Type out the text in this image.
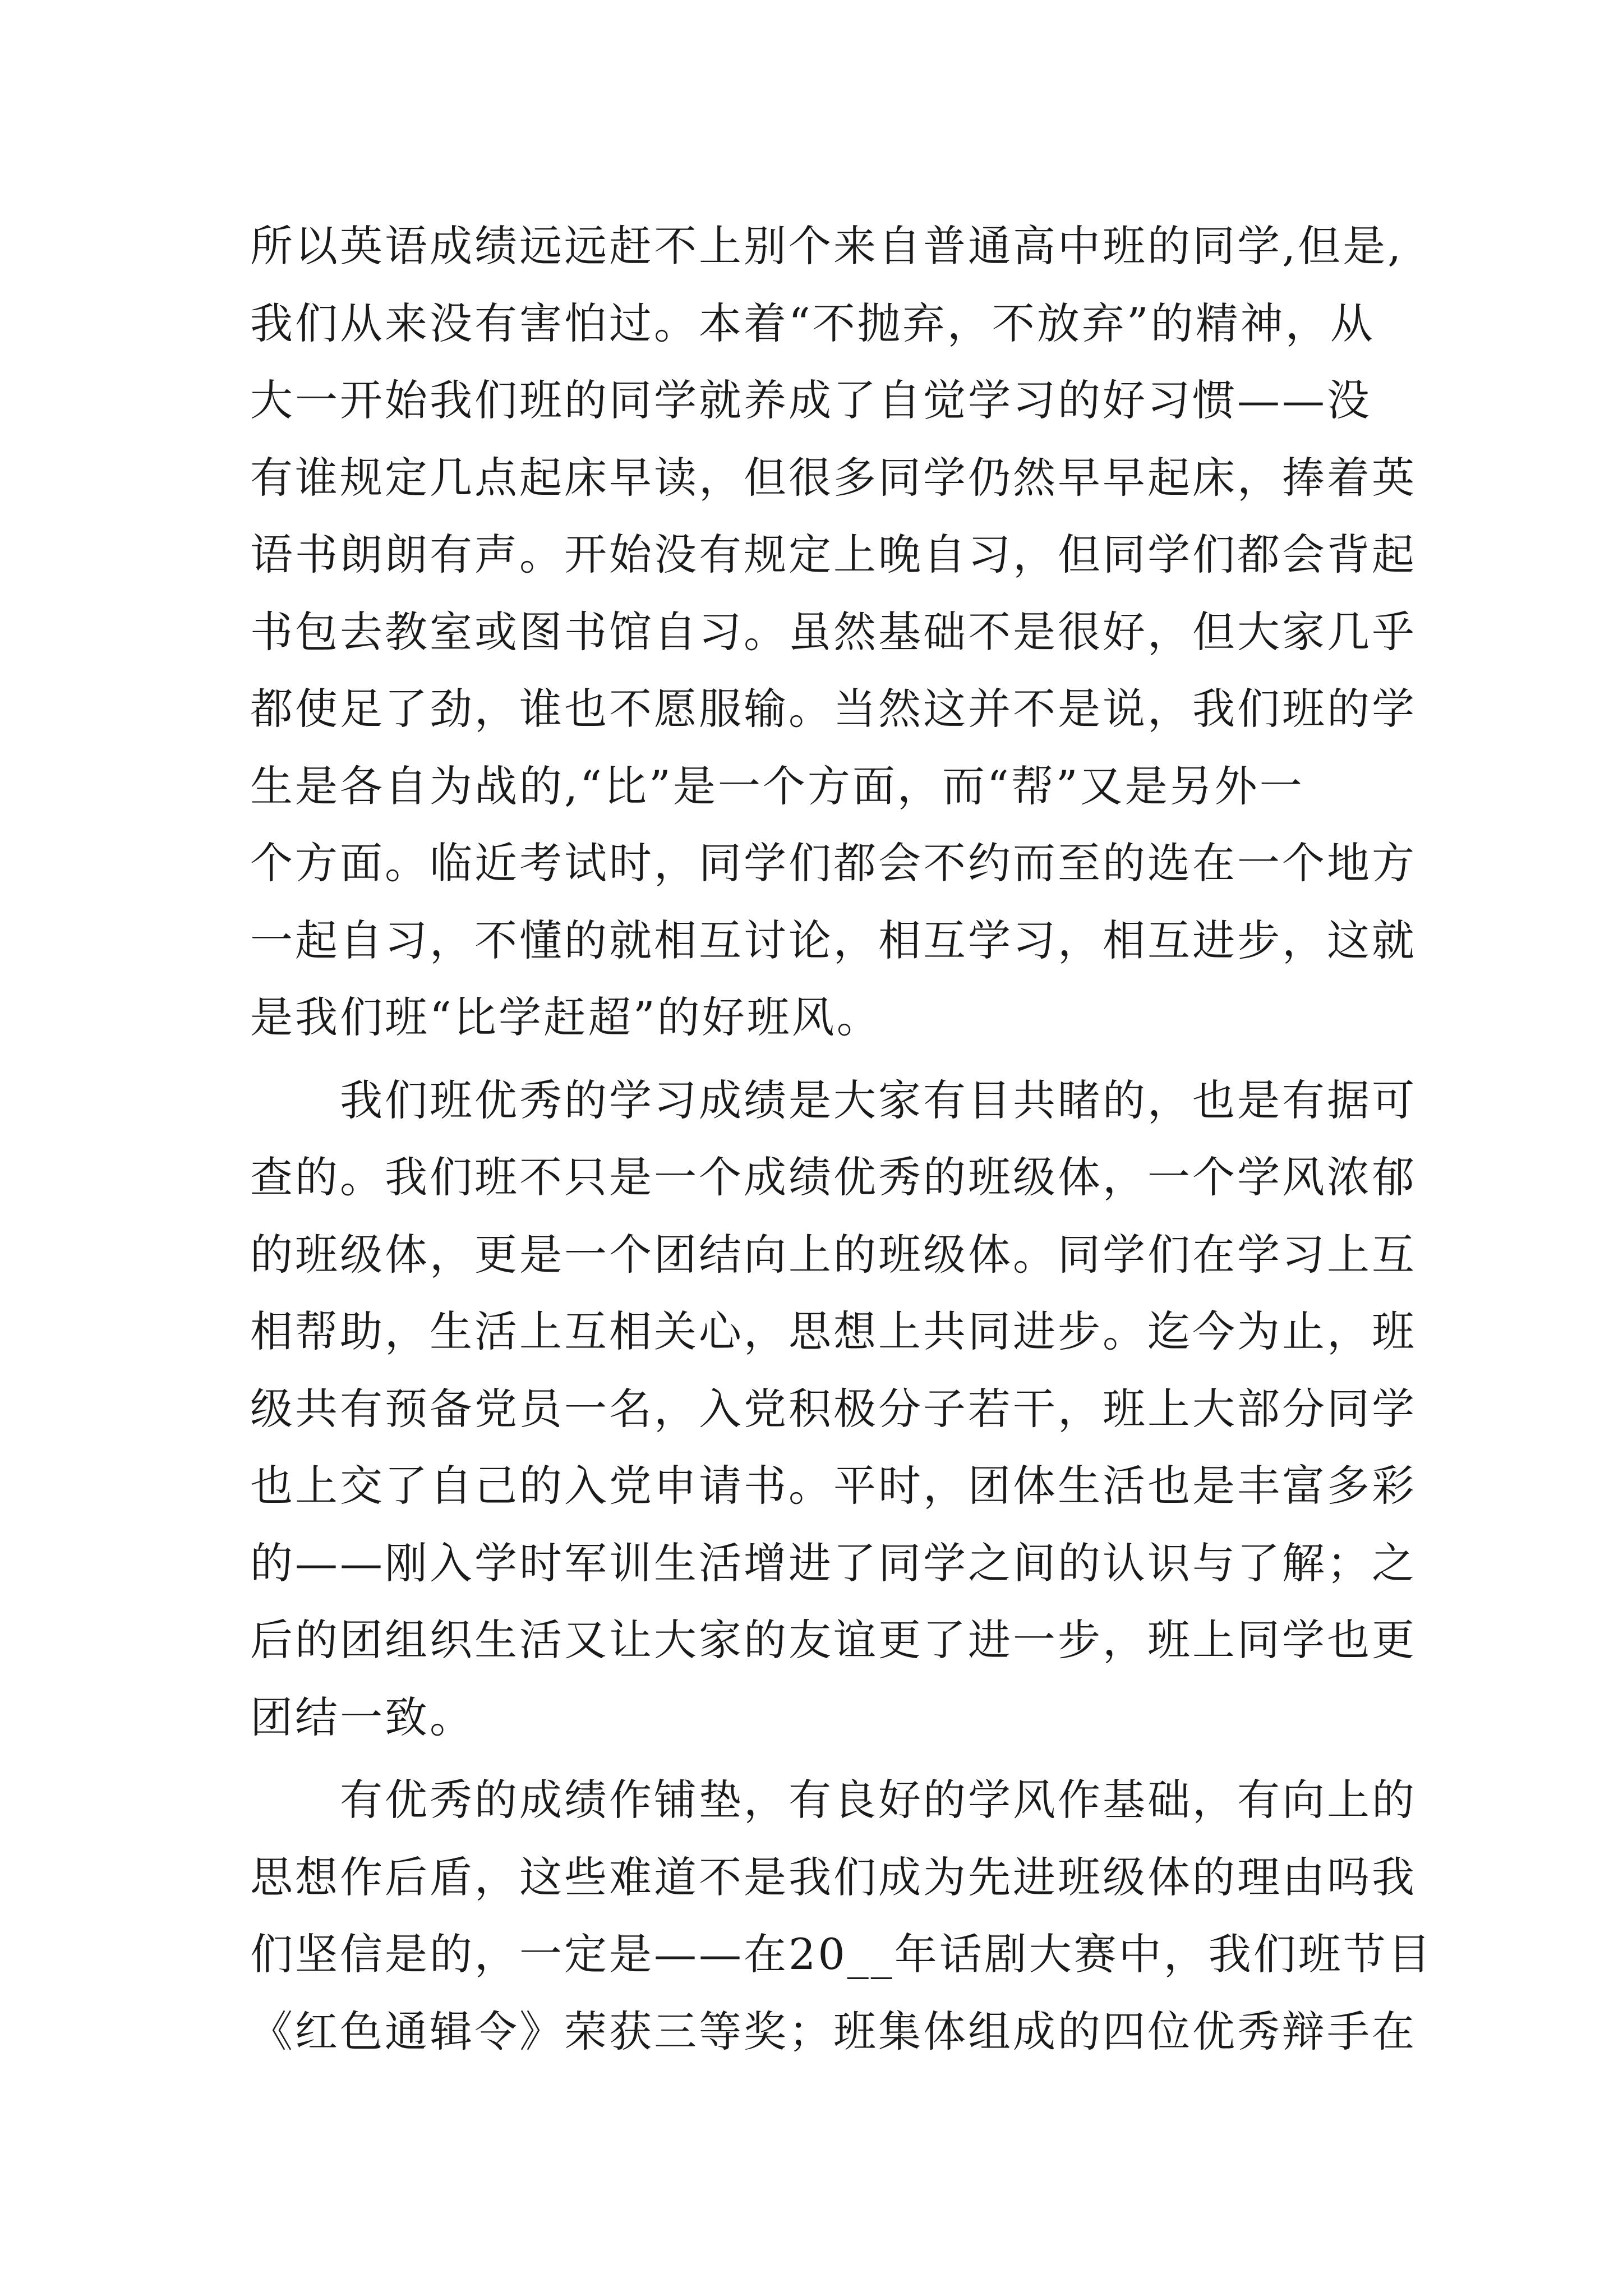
所以英语成绩远远赶不上别个来自普通高中班的同学,但是,
我们从来没有害怕过。本着“不抛弃，不放弃”的精神，从
大一开始我们班的同学就养成了自觉学习的好习惯——没
有谁规定几点起床早读，但很多同学仍然早早起床，捧着英
语书朗朗有声。开始没有规定上晚自习，但同学们都会背起
书包去教室或图书馆自习。虽然基础不是很好，但大家几乎
都使足了劲，谁也不愿服输。当然这并不是说，我们班的学
生是各自为战的,“比”是一个方面，而“帮”又是另外一
个方面。临近考试时，同学们都会不约而至的选在一个地方
一起自习，不懂的就相互讨论，相互学习，相互进步，这就
是我们班“比学赶超”的好班风。
我们班优秀的学习成绩是大家有目共睹的，也是有据可
查的。我们班不只是一个成绩优秀的班级体，一个学风浓郁
的班级体，更是一个团结向上的班级体。同学们在学习上互
相帮助，生活上互相关心，思想上共同进步。迄今为止，班
级共有预备党员一名，入党积极分子若干，班上大部分同学
也上交了自己的入党申请书。平时，团体生活也是丰富多彩
的——刚入学时军训生活增进了同学之间的认识与了解；之
后的团组织生活又让大家的友谊更了进一步，班上同学也更
团结一致。
有优秀的成绩作铺垫，有良好的学风作基础，有向上的
思想作后盾，这些难道不是我们成为先进班级体的理由吗我
们坚信是的，一定是——在20__年话剧大赛中，我们班节目
《红色通辑令》荣获三等奖；班集体组成的四位优秀辩手在
